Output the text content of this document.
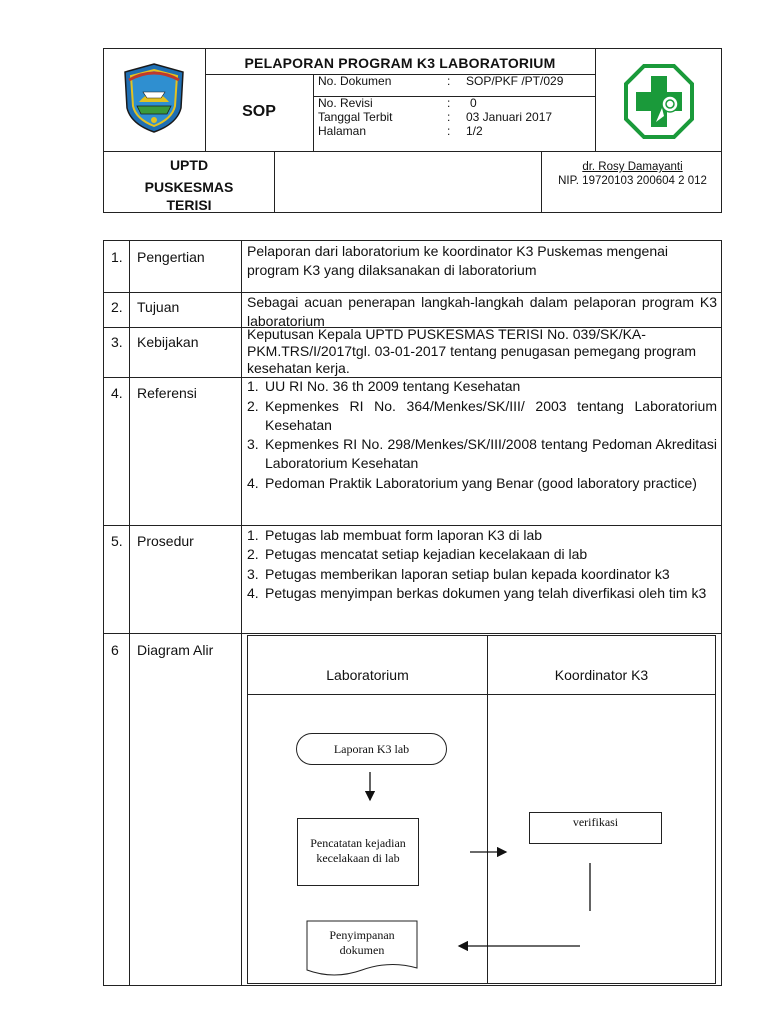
PELAPORAN PROGRAM K3 LABORATORIUM
SOP
No. Dokumen	: SOP/PKF /PT/029
No. Revisi	: 0
Tanggal Terbit	: 03 Januari 2017
Halaman	: 1/2
UPTD
PUSKESMAS
TERISI
dr. Rosy Damayanti
NIP. 19720103 200604 2 012
1. Pengertian	Pelaporan dari laboratorium ke koordinator K3 Puskemas mengenai program K3 yang dilaksanakan di laboratorium
2. Tujuan	Sebagai acuan penerapan langkah-langkah dalam pelaporan program K3 laboratorium
3. Kebijakan	Keputusan Kepala UPTD PUSKESMAS TERISI No. 039/SK/KA-PKM.TRS/I/2017tgl. 03-01-2017 tentang penugasan pemegang program kesehatan kerja.
4. Referensi	1. UU RI No. 36 th 2009 tentang Kesehatan
2. Kepmenkes RI No. 364/Menkes/SK/III/ 2003 tentang Laboratorium Kesehatan
3. Kepmenkes RI No. 298/Menkes/SK/III/2008 tentang Pedoman Akreditasi Laboratorium Kesehatan
4. Pedoman Praktik Laboratorium yang Benar (good laboratory practice)
5. Prosedur	1. Petugas lab membuat form laporan K3 di lab
2. Petugas mencatat setiap kejadian kecelakaan di lab
3. Petugas memberikan laporan setiap bulan kepada koordinator k3
4. Petugas menyimpan berkas dokumen yang telah diverfikasi oleh tim k3
6 Diagram Alir
Laboratorium	Koordinator K3
Laporan K3 lab
Pencatatan kejadian kecelakaan di lab
verifikasi
Penyimpanan dokumen
